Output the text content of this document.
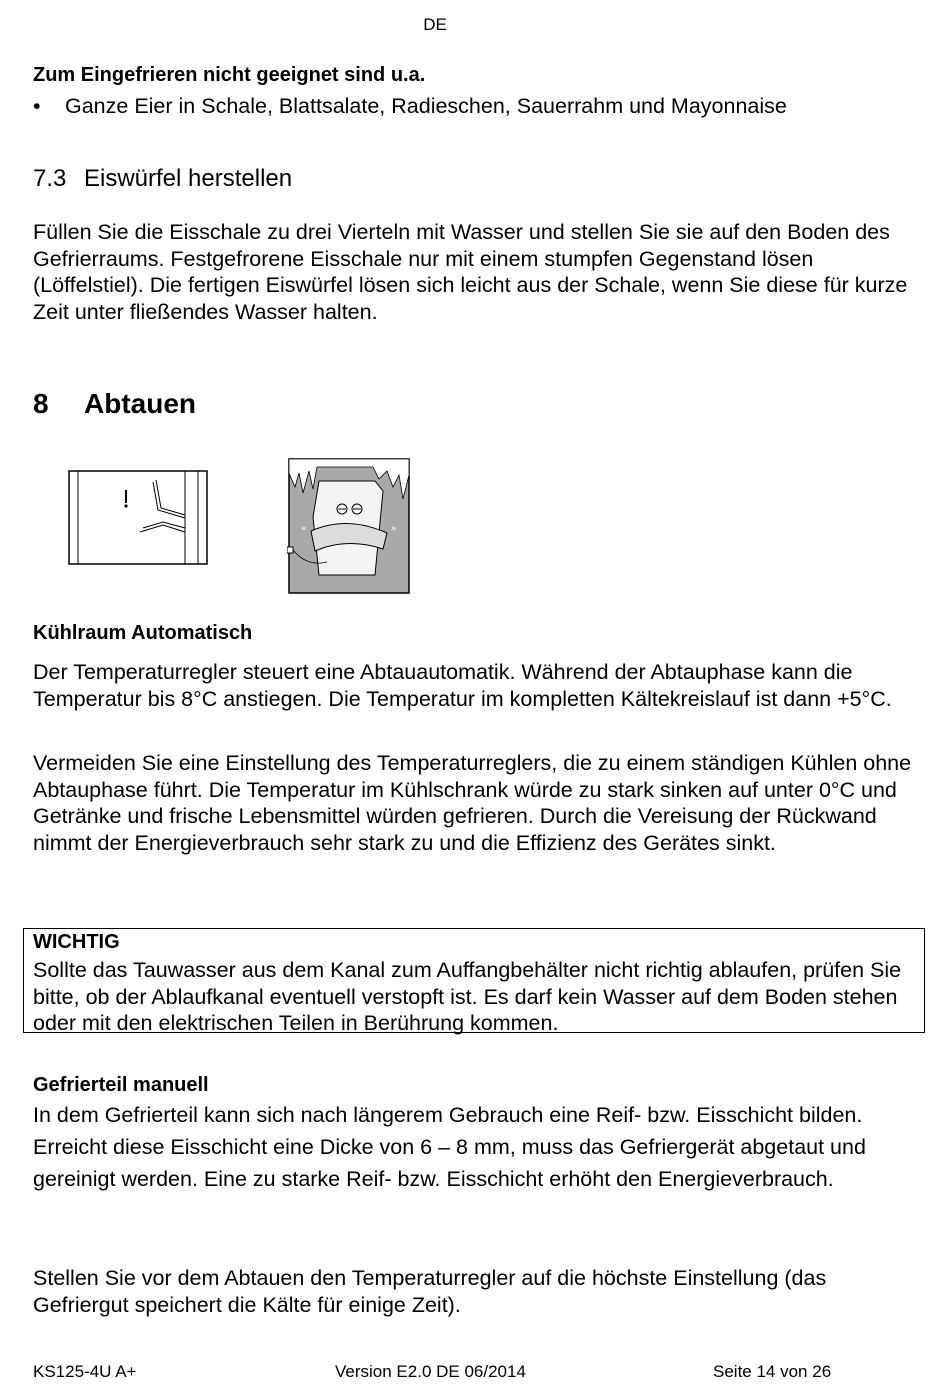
DE
Zum Eingefrieren nicht geeignet sind u.a.
•	Ganze Eier in Schale, Blattsalate, Radieschen, Sauerrahm und Mayonnaise
7.3 Eiswürfel herstellen
Füllen Sie die Eisschale zu drei Vierteln mit Wasser und stellen Sie sie auf den Boden des Gefrierraums. Festgefrorene Eisschale nur mit einem stumpfen Gegenstand lösen (Löffelstiel). Die fertigen Eiswürfel lösen sich leicht aus der Schale, wenn Sie diese für kurze Zeit unter fließendes Wasser halten.
8 Abtauen
«	»
Kühlraum Automatisch
Der Temperaturregler steuert eine Abtauautomatik. Während der Abtauphase kann die Temperatur bis 8°C anstiegen. Die Temperatur im kompletten Kältekreislauf ist dann +5°C.
Vermeiden Sie eine Einstellung des Temperaturreglers, die zu einem ständigen Kühlen ohne Abtauphase führt. Die Temperatur im Kühlschrank würde zu stark sinken auf unter 0°C und Getränke und frische Lebensmittel würden gefrieren. Durch die Vereisung der Rückwand nimmt der Energieverbrauch sehr stark zu und die Effizienz des Gerätes sinkt.
WICHTIG
Sollte das Tauwasser aus dem Kanal zum Auffangbehälter nicht richtig ablaufen, prüfen Sie bitte, ob der Ablaufkanal eventuell verstopft ist. Es darf kein Wasser auf dem Boden stehen oder mit den elektrischen Teilen in Berührung kommen.
Gefrierteil manuell
In dem Gefrierteil kann sich nach längerem Gebrauch eine Reif- bzw. Eisschicht bilden. Erreicht diese Eisschicht eine Dicke von 6 – 8 mm, muss das Gefriergerät abgetaut und gereinigt werden. Eine zu starke Reif- bzw. Eisschicht erhöht den Energieverbrauch.
Stellen Sie vor dem Abtauen den Temperaturregler auf die höchste Einstellung (das Gefriergut speichert die Kälte für einige Zeit).
KS125-4U A+	Version E2.0 DE 06/2014	Seite 14 von 26
